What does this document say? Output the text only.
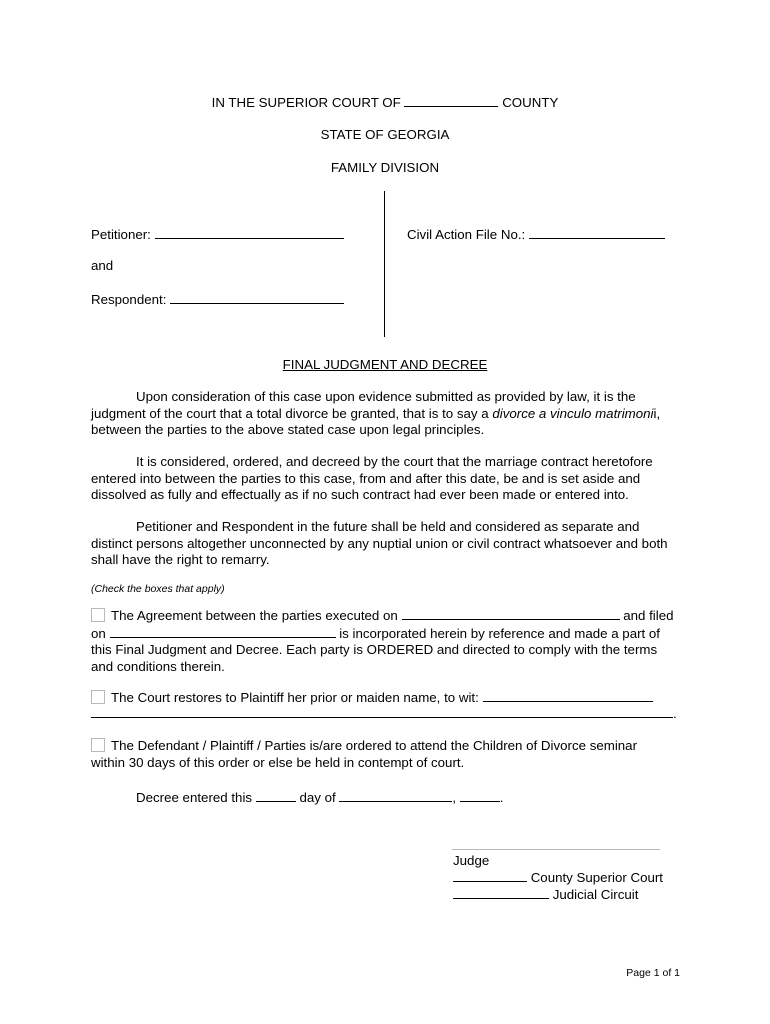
IN THE SUPERIOR COURT OF	COUNTY
STATE OF GEORGIA
FAMILY DIVISION
Petitioner:
and
Respondent:
Civil Action File No.:
FINAL JUDGMENT AND DECREE
Upon consideration of this case upon evidence submitted as provided by law, it is the judgment of the court that a total divorce be granted, that is to say a divorce a vinculo matrimonii, between the parties to the above stated case upon legal principles.
It is considered, ordered, and decreed by the court that the marriage contract heretofore entered into between the parties to this case, from and after this date, be and is set aside and dissolved as fully and effectually as if no such contract had ever been made or entered into.
Petitioner and Respondent in the future shall be held and considered as separate and distinct persons altogether unconnected by any nuptial union or civil contract whatsoever and both shall have the right to remarry.
(Check the boxes that apply)
The Agreement between the parties executed on	and filed on	is incorporated herein by reference and made a part of this Final Judgment and Decree. Each party is ORDERED and directed to comply with the terms and conditions therein.
The Court restores to Plaintiff her prior or maiden name, to wit:
.
The Defendant / Plaintiff / Parties is/are ordered to attend the Children of Divorce seminar within 30 days of this order or else be held in contempt of court.
Decree entered this	day of	,	.
Judge
County Superior Court
Judicial Circuit
Page 1 of 1
